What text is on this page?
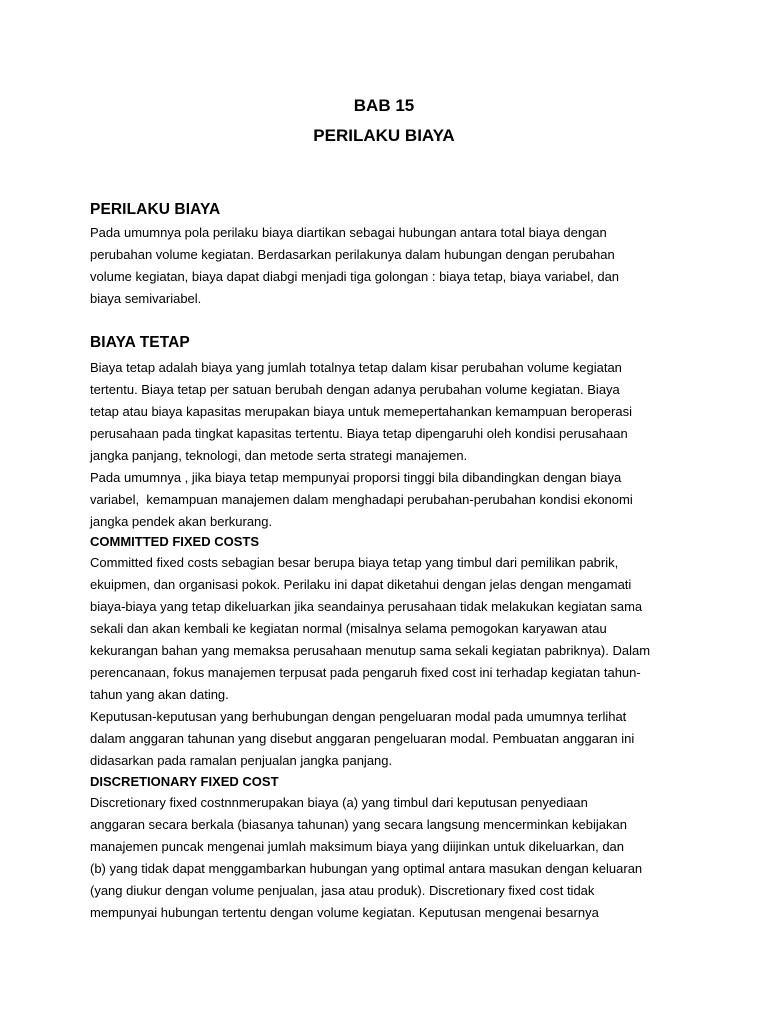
BAB 15
PERILAKU BIAYA
PERILAKU BIAYA
Pada umumnya pola perilaku biaya diartikan sebagai hubungan antara total biaya dengan
perubahan volume kegiatan. Berdasarkan perilakunya dalam hubungan dengan perubahan
volume kegiatan, biaya dapat diabgi menjadi tiga golongan : biaya tetap, biaya variabel, dan
biaya semivariabel.
BIAYA TETAP
Biaya tetap adalah biaya yang jumlah totalnya tetap dalam kisar perubahan volume kegiatan
tertentu. Biaya tetap per satuan berubah dengan adanya perubahan volume kegiatan. Biaya
tetap atau biaya kapasitas merupakan biaya untuk memepertahankan kemampuan beroperasi
perusahaan pada tingkat kapasitas tertentu. Biaya tetap dipengaruhi oleh kondisi perusahaan
jangka panjang, teknologi, dan metode serta strategi manajemen.
Pada umumnya , jika biaya tetap mempunyai proporsi tinggi bila dibandingkan dengan biaya
variabel,  kemampuan manajemen dalam menghadapi perubahan-perubahan kondisi ekonomi
jangka pendek akan berkurang.
COMMITTED FIXED COSTS
Committed fixed costs sebagian besar berupa biaya tetap yang timbul dari pemilikan pabrik,
ekuipmen, dan organisasi pokok. Perilaku ini dapat diketahui dengan jelas dengan mengamati
biaya-biaya yang tetap dikeluarkan jika seandainya perusahaan tidak melakukan kegiatan sama
sekali dan akan kembali ke kegiatan normal (misalnya selama pemogokan karyawan atau
kekurangan bahan yang memaksa perusahaan menutup sama sekali kegiatan pabriknya). Dalam
perencanaan, fokus manajemen terpusat pada pengaruh fixed cost ini terhadap kegiatan tahun-
tahun yang akan dating.
Keputusan-keputusan yang berhubungan dengan pengeluaran modal pada umumnya terlihat
dalam anggaran tahunan yang disebut anggaran pengeluaran modal. Pembuatan anggaran ini
didasarkan pada ramalan penjualan jangka panjang.
DISCRETIONARY FIXED COST
Discretionary fixed costnnmerupakan biaya (a) yang timbul dari keputusan penyediaan
anggaran secara berkala (biasanya tahunan) yang secara langsung mencerminkan kebijakan
manajemen puncak mengenai jumlah maksimum biaya yang diijinkan untuk dikeluarkan, dan
(b) yang tidak dapat menggambarkan hubungan yang optimal antara masukan dengan keluaran
(yang diukur dengan volume penjualan, jasa atau produk). Discretionary fixed cost tidak
mempunyai hubungan tertentu dengan volume kegiatan. Keputusan mengenai besarnya
